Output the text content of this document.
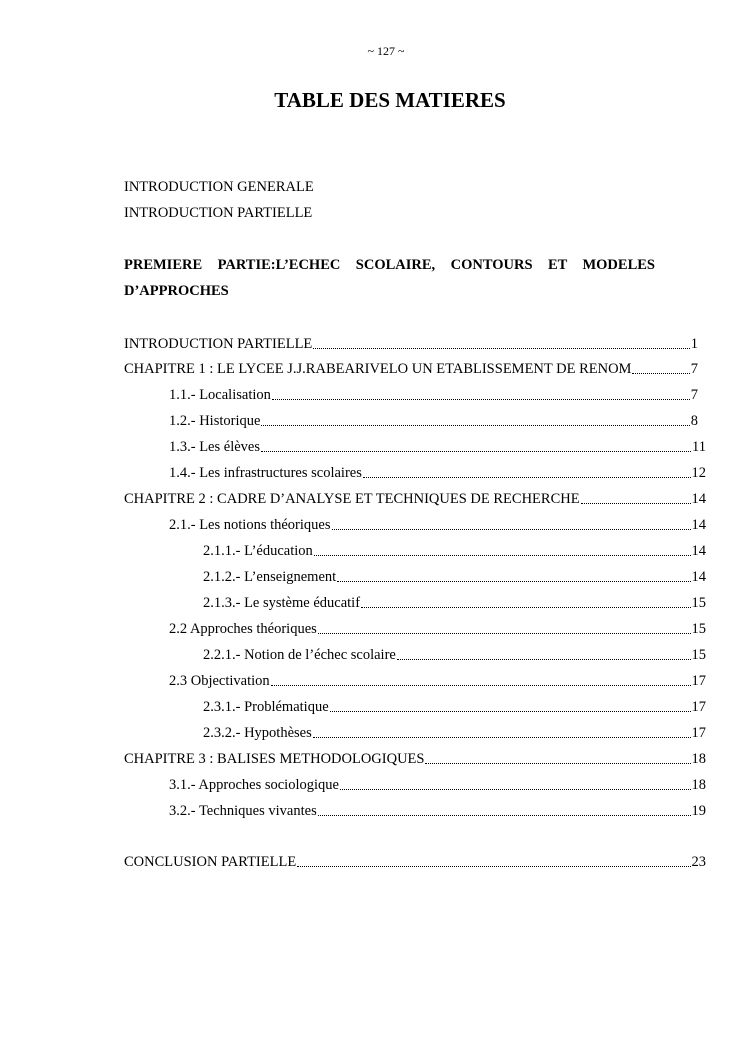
~ 127 ~
TABLE DES MATIERES
INTRODUCTION GENERALE
INTRODUCTION PARTIELLE
PREMIERE PARTIE:L’ECHEC SCOLAIRE, CONTOURS ET MODELES D’APPROCHES
INTRODUCTION PARTIELLE	1
CHAPITRE 1 : LE LYCEE J.J.RABEARIVELO UN ETABLISSEMENT DE RENOM	7
1.1.- Localisation	7
1.2.- Historique	8
1.3.- Les élèves	11
1.4.- Les infrastructures scolaires	12
CHAPITRE 2 : CADRE D’ANALYSE ET TECHNIQUES DE RECHERCHE	14
2.1.- Les notions théoriques	14
2.1.1.- L’éducation	14
2.1.2.- L’enseignement	14
2.1.3.- Le système éducatif	15
2.2 Approches théoriques	15
2.2.1.- Notion de l’échec scolaire	15
2.3 Objectivation	17
2.3.1.- Problématique	17
2.3.2.- Hypothèses	17
CHAPITRE 3 : BALISES METHODOLOGIQUES	18
3.1.- Approches sociologique	18
3.2.- Techniques vivantes	19
CONCLUSION PARTIELLE	23
